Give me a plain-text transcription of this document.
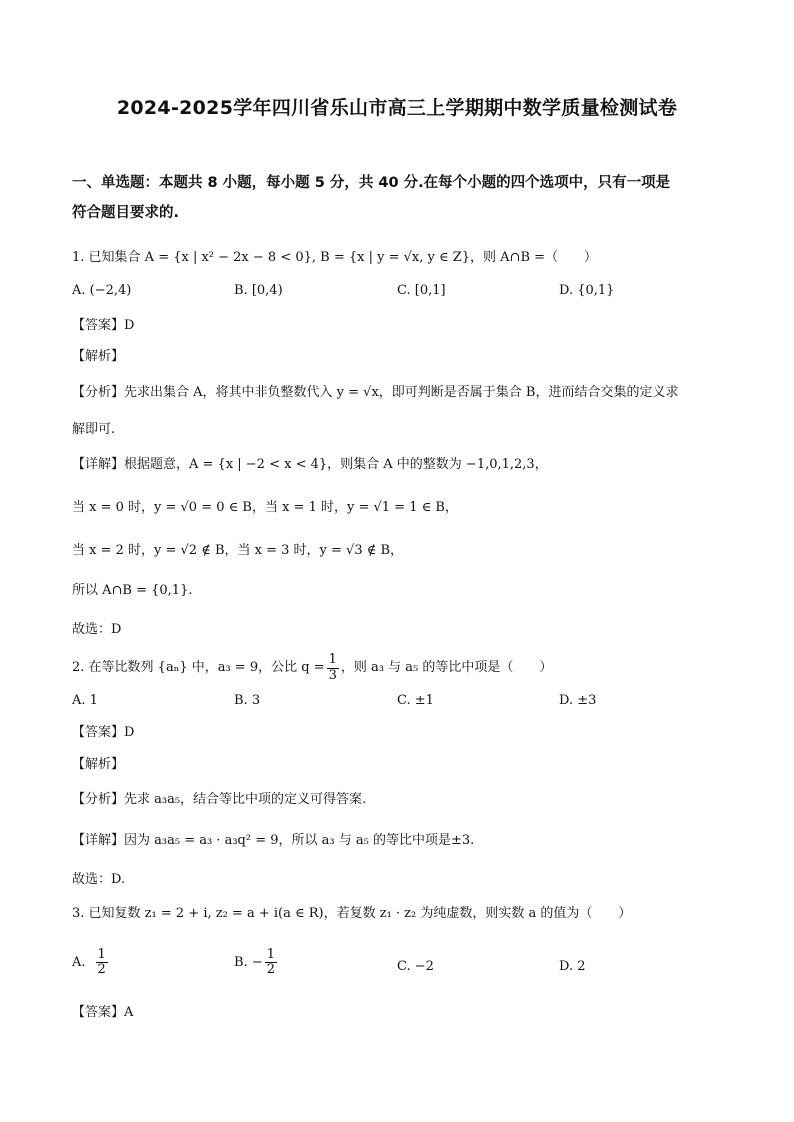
2024-2025学年四川省乐山市高三上学期期中数学质量检测试卷
一、单选题：本题共 8 小题，每小题 5 分，共 40 分.在每个小题的四个选项中，只有一项是
符合题目要求的.
1. 已知集合 A = {x | x² − 2x − 8 < 0}, B = {x | y = √x, y ∈ Z}，则 A∩B =（　　）
A. (−2,4)	B. [0,4)	C. [0,1]	D. {0,1}
【答案】D
【解析】
【分析】先求出集合 A，将其中非负整数代入 y = √x，即可判断是否属于集合 B，进而结合交集的定义求
解即可.
【详解】根据题意，A = {x | −2 < x < 4}，则集合 A 中的整数为 −1,0,1,2,3，
当 x = 0 时，y = √0 = 0 ∈ B，当 x = 1 时，y = √1 = 1 ∈ B，
当 x = 2 时，y = √2 ∉ B，当 x = 3 时，y = √3 ∉ B，
所以 A∩B = {0,1}.
故选：D
2. 在等比数列 {aₙ} 中，a₃ = 9，公比 $q = \frac{1}{3}$ ，则 a₃ 与 a₅ 的等比中项是（　　）
A. 1	B. 3	C. ±1	D. ±3
【答案】D
【解析】
【分析】先求 a₃a₅，结合等比中项的定义可得答案.
【详解】因为 a₃a₅ = a₃ · a₃q² = 9，所以 a₃ 与 a₅ 的等比中项是±3.
故选：D.
3. 已知复数 z₁ = 2 + i, z₂ = a + i(a ∈ R)，若复数 z₁ · z₂ 为纯虚数，则实数 a 的值为（　　）
A. $\frac{1}{2}$	B. − $\frac{1}{2}$	C. −2	D. 2
【答案】A
